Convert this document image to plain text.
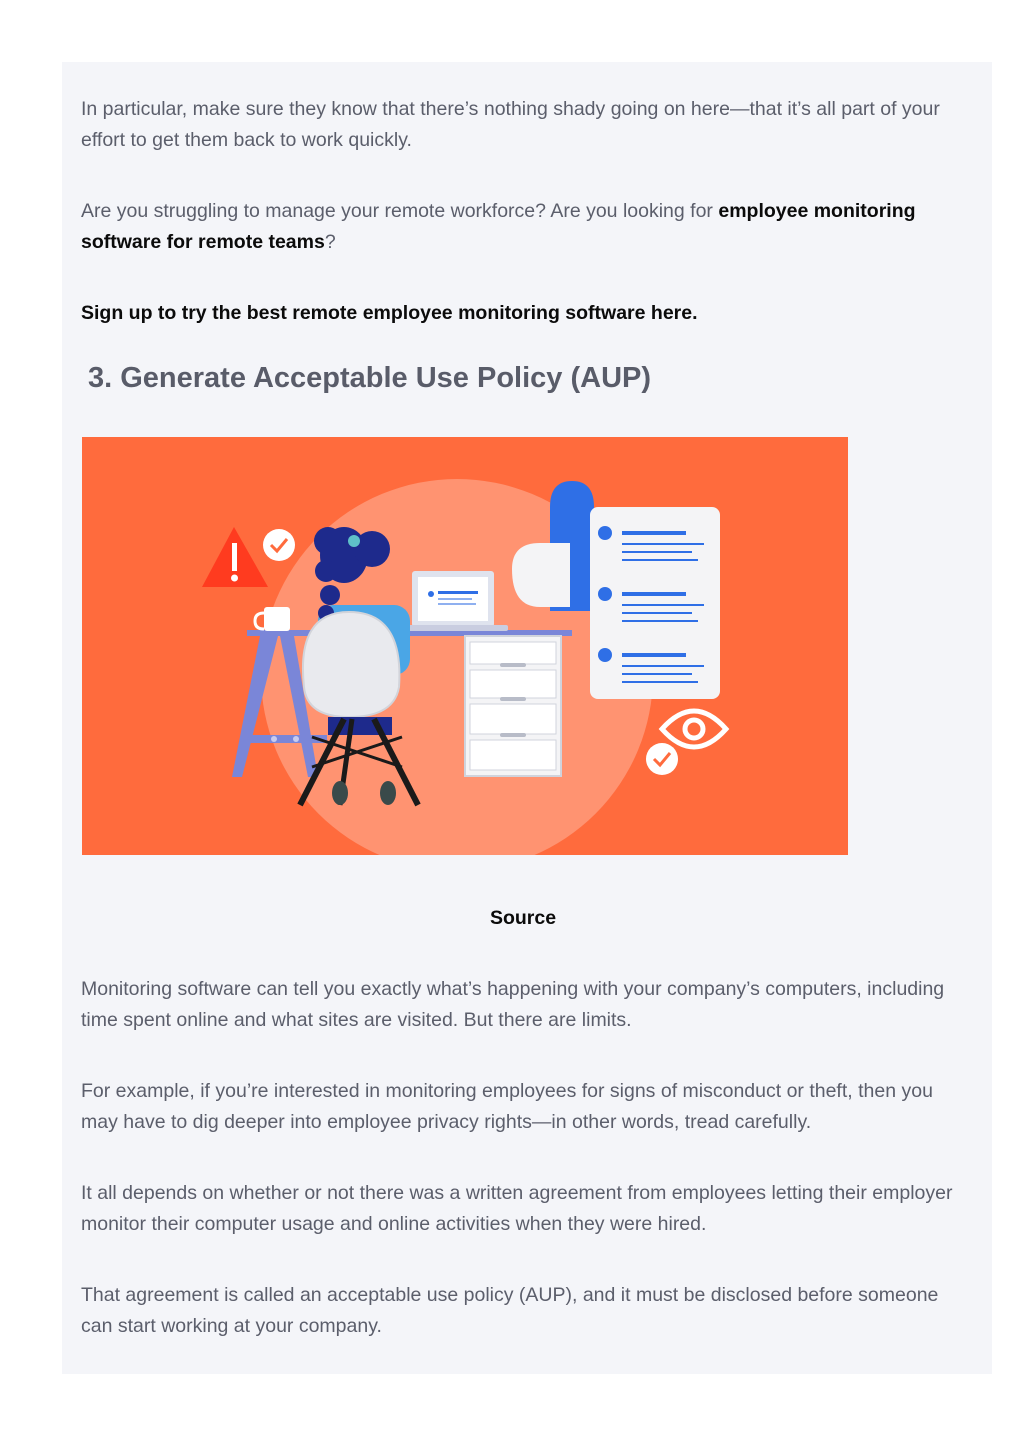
In particular, make sure they know that there’s nothing shady going on here—that it’s all part of your effort to get them back to work quickly.

Are you struggling to manage your remote workforce? Are you looking for employee monitoring software for remote teams?

Sign up to try the best remote employee monitoring software here.

3. Generate Acceptable Use Policy (AUP)
Source

Monitoring software can tell you exactly what’s happening with your company’s computers, including time spent online and what sites are visited. But there are limits.

For example, if you’re interested in monitoring employees for signs of misconduct or theft, then you may have to dig deeper into employee privacy rights—in other words, tread carefully.

It all depends on whether or not there was a written agreement from employees letting their employer monitor their computer usage and online activities when they were hired.

That agreement is called an acceptable use policy (AUP), and it must be disclosed before someone can start working at your company.
